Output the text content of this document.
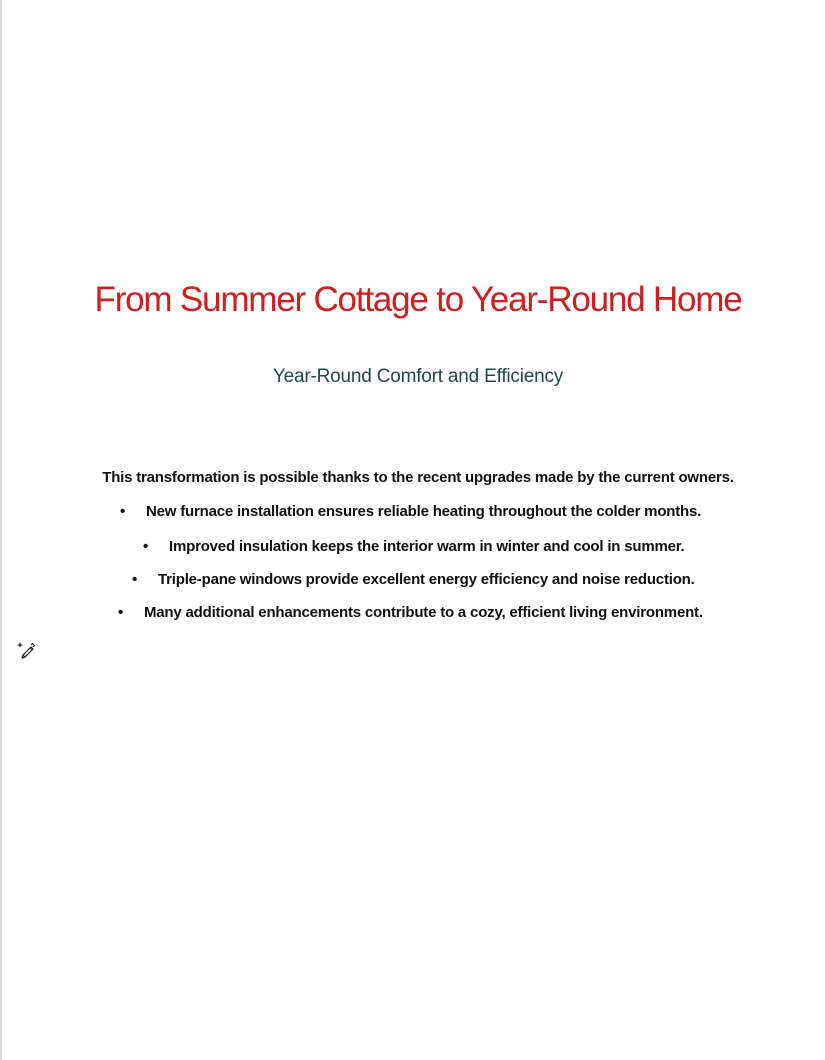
From Summer Cottage to Year-Round Home
Year-Round Comfort and Efficiency

This transformation is possible thanks to the recent upgrades made by the current owners.

• New furnace installation ensures reliable heating throughout the colder months.
• Improved insulation keeps the interior warm in winter and cool in summer.
• Triple-pane windows provide excellent energy efficiency and noise reduction.
• Many additional enhancements contribute to a cozy, efficient living environment.
